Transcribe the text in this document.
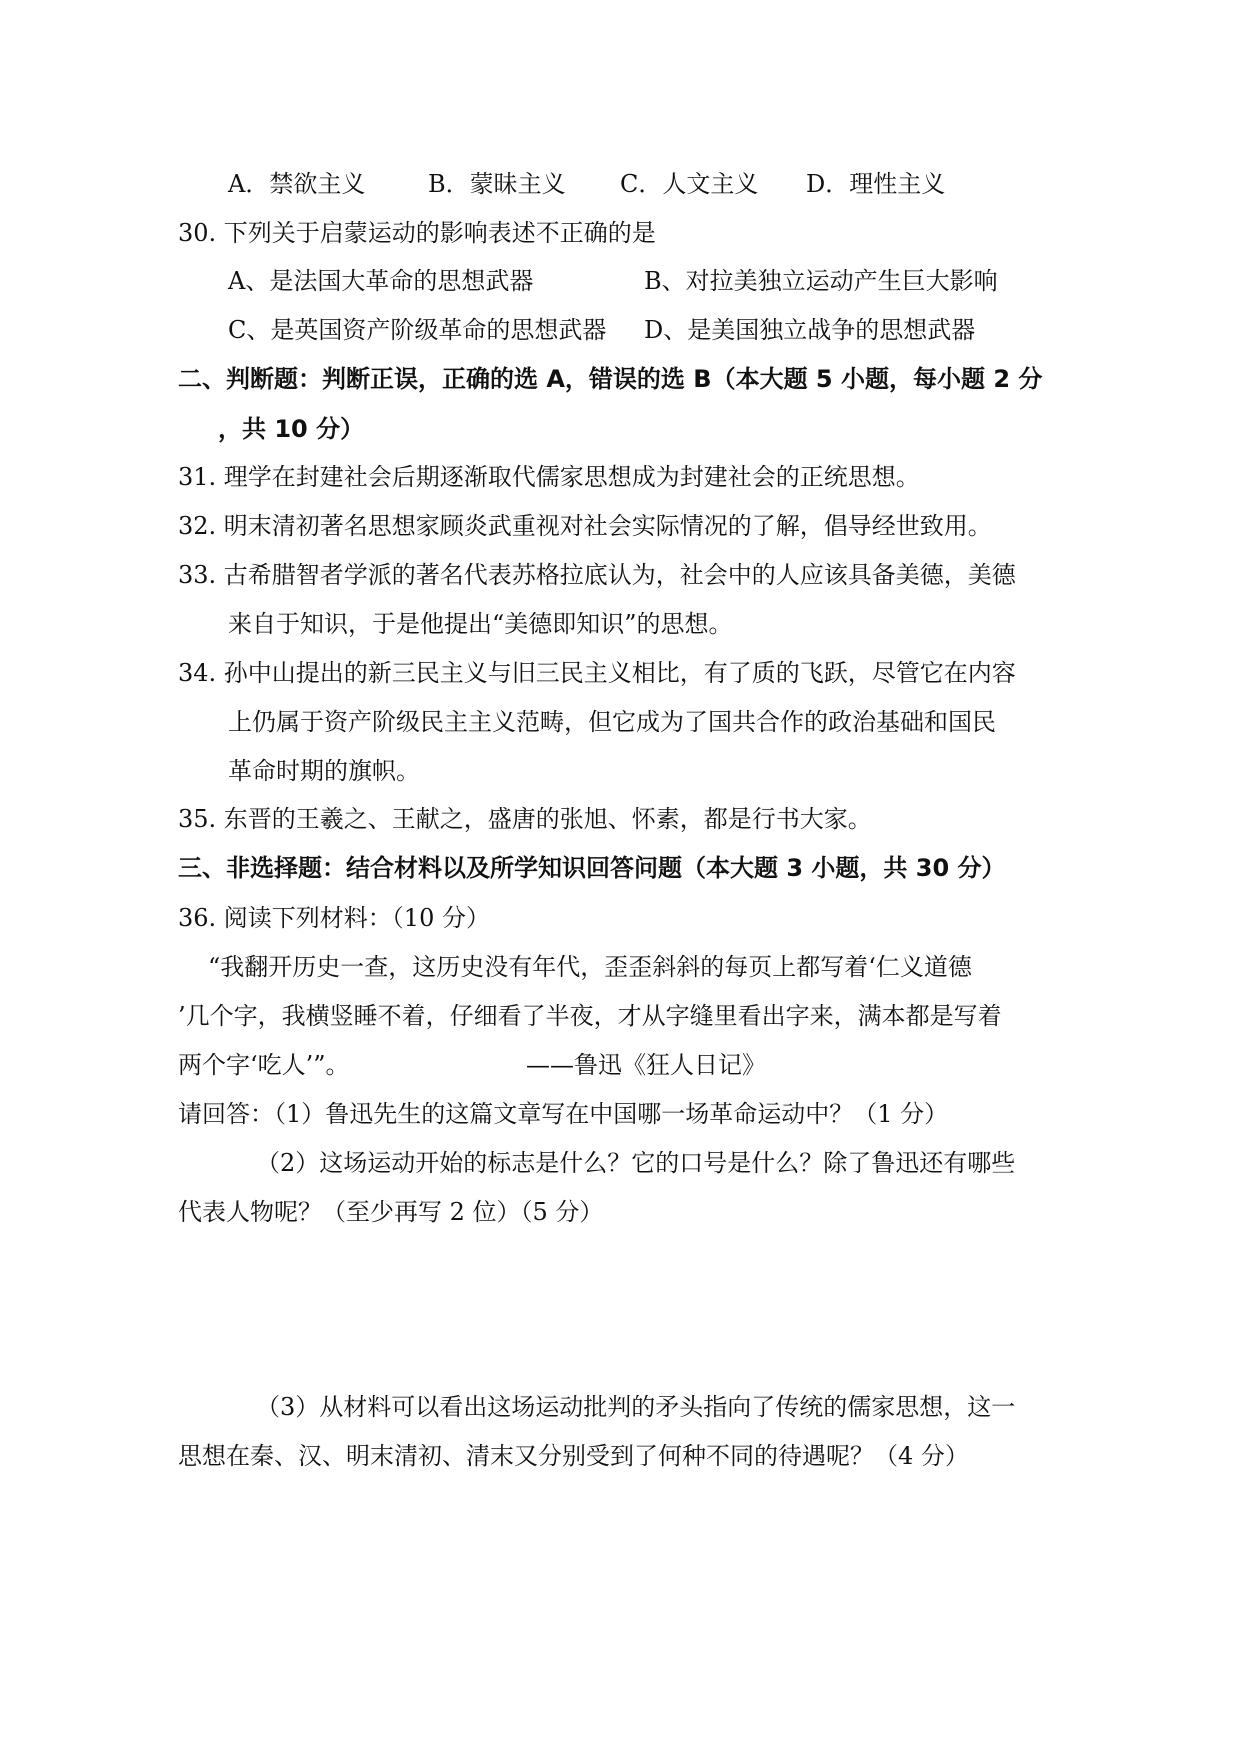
A．禁欲主义	B．蒙昧主义 C．人文主义 D．理性主义
30. 下列关于启蒙运动的影响表述不正确的是
A、是法国大革命的思想武器	B、对拉美独立运动产生巨大影响
C、是英国资产阶级革命的思想武器 D、是美国独立战争的思想武器
二、判断题：判断正误，正确的选 A，错误的选 B（本大题 5 小题，每小题 2 分
，共 10 分）
31. 理学在封建社会后期逐渐取代儒家思想成为封建社会的正统思想。
32. 明末清初著名思想家顾炎武重视对社会实际情况的了解，倡导经世致用。
33. 古希腊智者学派的著名代表苏格拉底认为，社会中的人应该具备美德，美德
来自于知识，于是他提出“美德即知识”的思想。
34. 孙中山提出的新三民主义与旧三民主义相比，有了质的飞跃，尽管它在内容
上仍属于资产阶级民主主义范畴，但它成为了国共合作的政治基础和国民
革命时期的旗帜。
35. 东晋的王羲之、王献之，盛唐的张旭、怀素，都是行书大家。
三、非选择题：结合材料以及所学知识回答问题（本大题 3 小题，共 30 分）
36. 阅读下列材料：（10 分）
“我翻开历史一查，这历史没有年代，歪歪斜斜的每页上都写着‘仁义道德
’几个字，我横竖睡不着，仔细看了半夜，才从字缝里看出字来，满本都是写着
两个字‘吃人’”。	——鲁迅《狂人日记》
请回答：（1）鲁迅先生的这篇文章写在中国哪一场革命运动中？（1 分）
（2）这场运动开始的标志是什么？它的口号是什么？除了鲁迅还有哪些
代表人物呢？（至少再写 2 位）（5 分）
（3）从材料可以看出这场运动批判的矛头指向了传统的儒家思想，这一
思想在秦、汉、明末清初、清末又分别受到了何种不同的待遇呢？（4 分）
